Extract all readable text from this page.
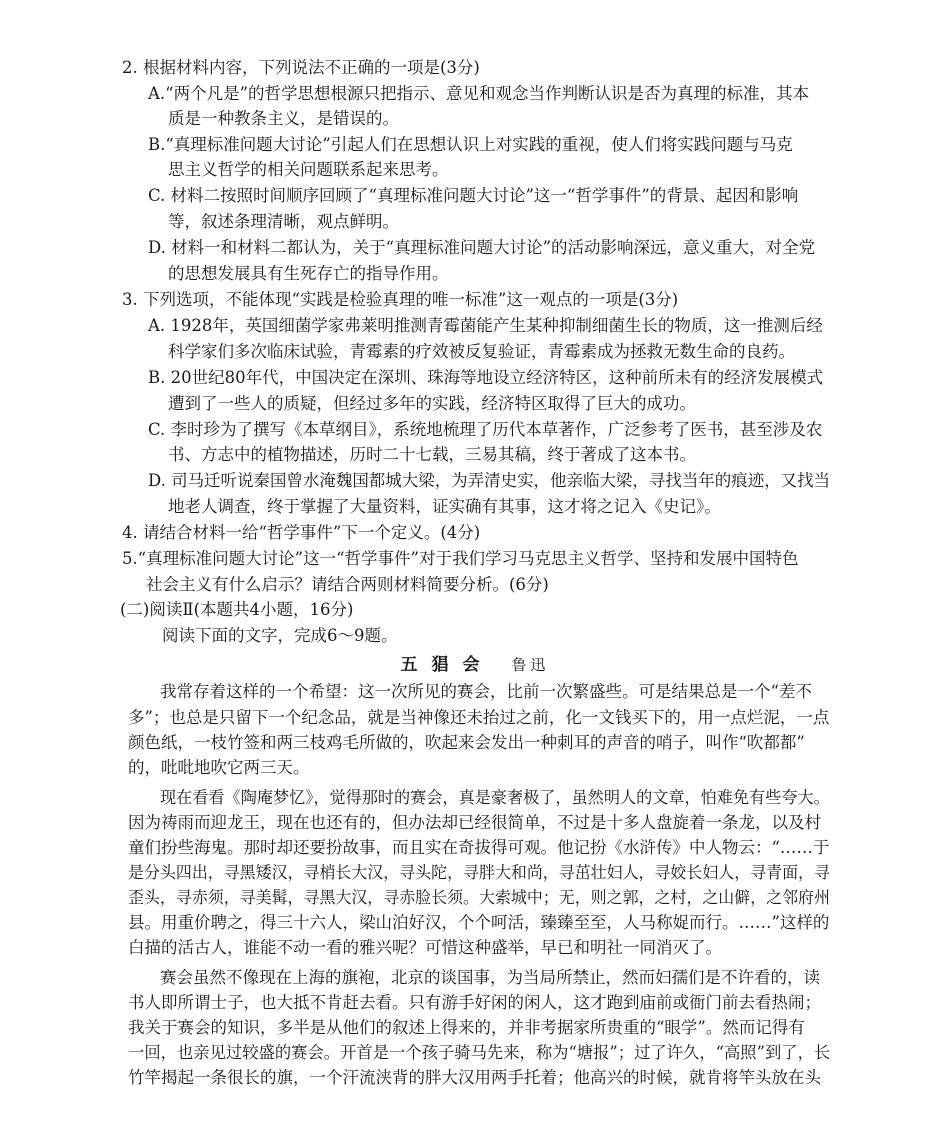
2. 根据材料内容，下列说法不正确的一项是(3分)
A.“两个凡是”的哲学思想根源只把指示、意见和观念当作判断认识是否为真理的标准，其本
质是一种教条主义，是错误的。
B.“真理标准问题大讨论”引起人们在思想认识上对实践的重视，使人们将实践问题与马克
思主义哲学的相关问题联系起来思考。
C. 材料二按照时间顺序回顾了“真理标准问题大讨论”这一“哲学事件”的背景、起因和影响
等，叙述条理清晰，观点鲜明。
D. 材料一和材料二都认为，关于“真理标准问题大讨论”的活动影响深远，意义重大，对全党
的思想发展具有生死存亡的指导作用。
3. 下列选项，不能体现“实践是检验真理的唯一标准”这一观点的一项是(3分)
A. 1928年，英国细菌学家弗莱明推测青霉菌能产生某种抑制细菌生长的物质，这一推测后经
科学家们多次临床试验，青霉素的疗效被反复验证，青霉素成为拯救无数生命的良药。
B. 20世纪80年代，中国决定在深圳、珠海等地设立经济特区，这种前所未有的经济发展模式
遭到了一些人的质疑，但经过多年的实践，经济特区取得了巨大的成功。
C. 李时珍为了撰写《本草纲目》，系统地梳理了历代本草著作，广泛参考了医书，甚至涉及农
书、方志中的植物描述，历时二十七载，三易其稿，终于著成了这本书。
D. 司马迁听说秦国曾水淹魏国都城大梁，为弄清史实，他亲临大梁，寻找当年的痕迹，又找当
地老人调查，终于掌握了大量资料，证实确有其事，这才将之记入《史记》。
4. 请结合材料一给“哲学事件”下一个定义。(4分)
5.“真理标准问题大讨论”这一“哲学事件”对于我们学习马克思主义哲学、坚持和发展中国特色
社会主义有什么启示？请结合两则材料简要分析。(6分)
(二)阅读Ⅱ(本题共4小题，16分)
阅读下面的文字，完成6～9题。
五猖会 鲁迅
我常存着这样的一个希望：这一次所见的赛会，比前一次繁盛些。可是结果总是一个“差不
多”；也总是只留下一个纪念品，就是当神像还未抬过之前，化一文钱买下的，用一点烂泥，一点
颜色纸，一枝竹签和两三枝鸡毛所做的，吹起来会发出一种刺耳的声音的哨子，叫作“吹都都”
的，吡吡地吹它两三天。
现在看看《陶庵梦忆》，觉得那时的赛会，真是豪奢极了，虽然明人的文章，怕难免有些夸大。
因为祷雨而迎龙王，现在也还有的，但办法却已经很简单，不过是十多人盘旋着一条龙，以及村
童们扮些海鬼。那时却还要扮故事，而且实在奇拔得可观。他记扮《水浒传》中人物云：“……于
是分头四出，寻黑矮汉，寻梢长大汉，寻头陀，寻胖大和尚，寻茁壮妇人，寻姣长妇人，寻青面，寻
歪头，寻赤须，寻美髯，寻黑大汉，寻赤脸长须。大索城中；无，则之郭，之村，之山僻，之邻府州
县。用重价聘之，得三十六人，梁山泊好汉，个个呵活，臻臻至至，人马称娖而行。……”这样的
白描的活古人，谁能不动一看的雅兴呢？可惜这种盛举，早已和明社一同消灭了。
赛会虽然不像现在上海的旗袍，北京的谈国事，为当局所禁止，然而妇孺们是不许看的，读
书人即所谓士子，也大抵不肯赶去看。只有游手好闲的闲人，这才跑到庙前或衙门前去看热闹；
我关于赛会的知识，多半是从他们的叙述上得来的，并非考据家所贵重的“眼学”。然而记得有
一回，也亲见过较盛的赛会。开首是一个孩子骑马先来，称为“塘报”；过了许久，“高照”到了，长
竹竿揭起一条很长的旗，一个汗流浃背的胖大汉用两手托着；他高兴的时候，就肯将竿头放在头
